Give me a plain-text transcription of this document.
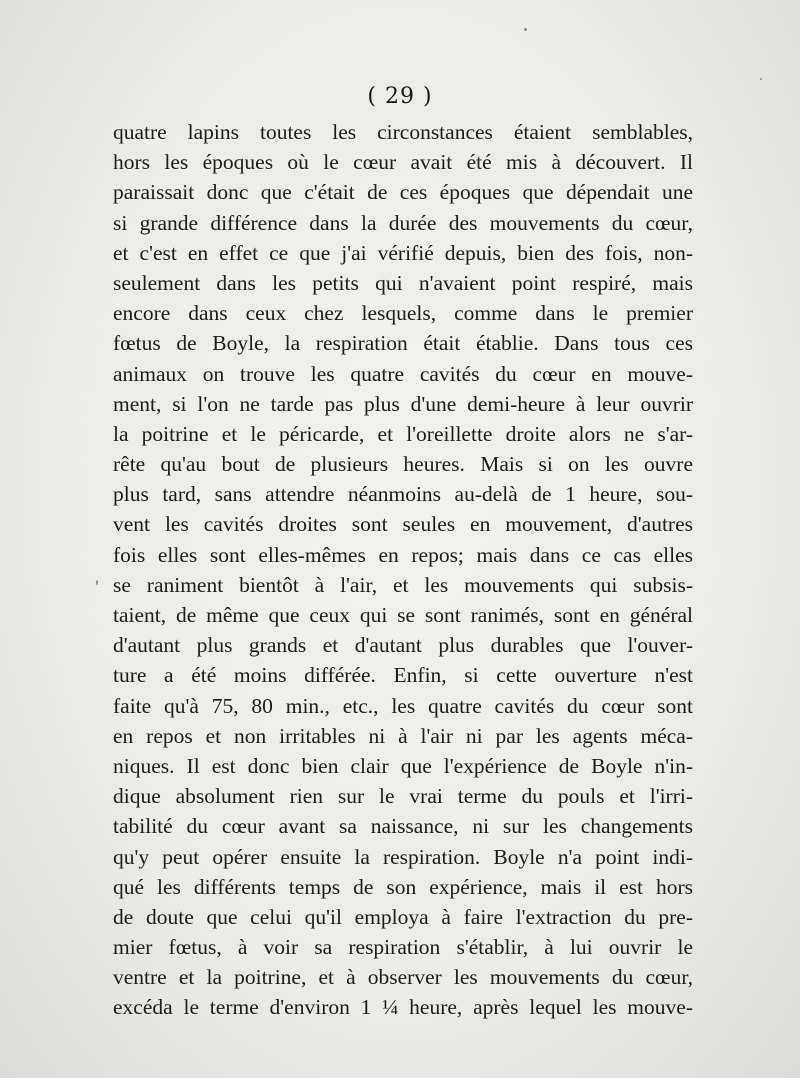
( 29 )
quatre lapins toutes les circonstances étaient semblables,
hors les époques où le cœur avait été mis à découvert. Il
paraissait donc que c'était de ces époques que dépendait une
si grande différence dans la durée des mouvements du cœur,
et c'est en effet ce que j'ai vérifié depuis, bien des fois, non-
seulement dans les petits qui n'avaient point respiré, mais
encore dans ceux chez lesquels, comme dans le premier
fœtus de Boyle, la respiration était établie. Dans tous ces
animaux on trouve les quatre cavités du cœur en mouve-
ment, si l'on ne tarde pas plus d'une demi-heure à leur ouvrir
la poitrine et le péricarde, et l'oreillette droite alors ne s'ar-
rête qu'au bout de plusieurs heures. Mais si on les ouvre
plus tard, sans attendre néanmoins au-delà de 1 heure, sou-
vent les cavités droites sont seules en mouvement, d'autres
fois elles sont elles-mêmes en repos; mais dans ce cas elles
se raniment bientôt à l'air, et les mouvements qui subsis-
taient, de même que ceux qui se sont ranimés, sont en général
d'autant plus grands et d'autant plus durables que l'ouver-
ture a été moins différée. Enfin, si cette ouverture n'est
faite qu'à 75, 80 min., etc., les quatre cavités du cœur sont
en repos et non irritables ni à l'air ni par les agents méca-
niques. Il est donc bien clair que l'expérience de Boyle n'in-
dique absolument rien sur le vrai terme du pouls et l'irri-
tabilité du cœur avant sa naissance, ni sur les changements
qu'y peut opérer ensuite la respiration. Boyle n'a point indi-
qué les différents temps de son expérience, mais il est hors
de doute que celui qu'il employa à faire l'extraction du pre-
mier fœtus, à voir sa respiration s'établir, à lui ouvrir le
ventre et la poitrine, et à observer les mouvements du cœur,
excéda le terme d'environ 1 ¼ heure, après lequel les mouve-
